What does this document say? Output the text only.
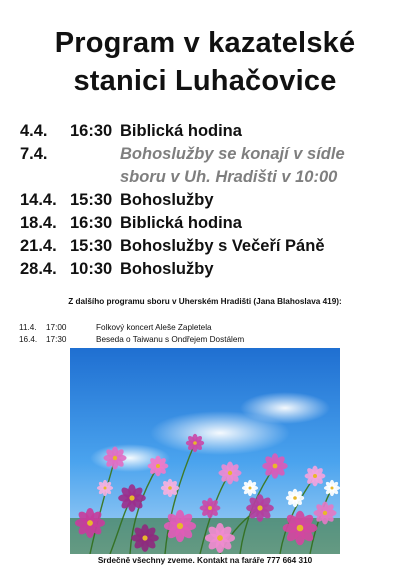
Program v kazatelské
stanici Luhačovice
4.4. 16:30 Biblická hodina
7.4.	Bohoslužby se konají v sídle sboru v Uh. Hradišti v 10:00
14.4. 15:30 Bohoslužby
18.4. 16:30 Biblická hodina
21.4. 15:30 Bohoslužby s Večeří Páně
28.4. 10:30 Bohoslužby
Z dalšího programu sboru v Uherském Hradišti (Jana Blahoslava 419):
11.4. 17:00	Folkový koncert Aleše Zapletela
16.4. 17:30	Beseda o Taiwanu s Ondřejem Dostálem
Srdečně všechny zveme. Kontakt na faráře 777 664 310
